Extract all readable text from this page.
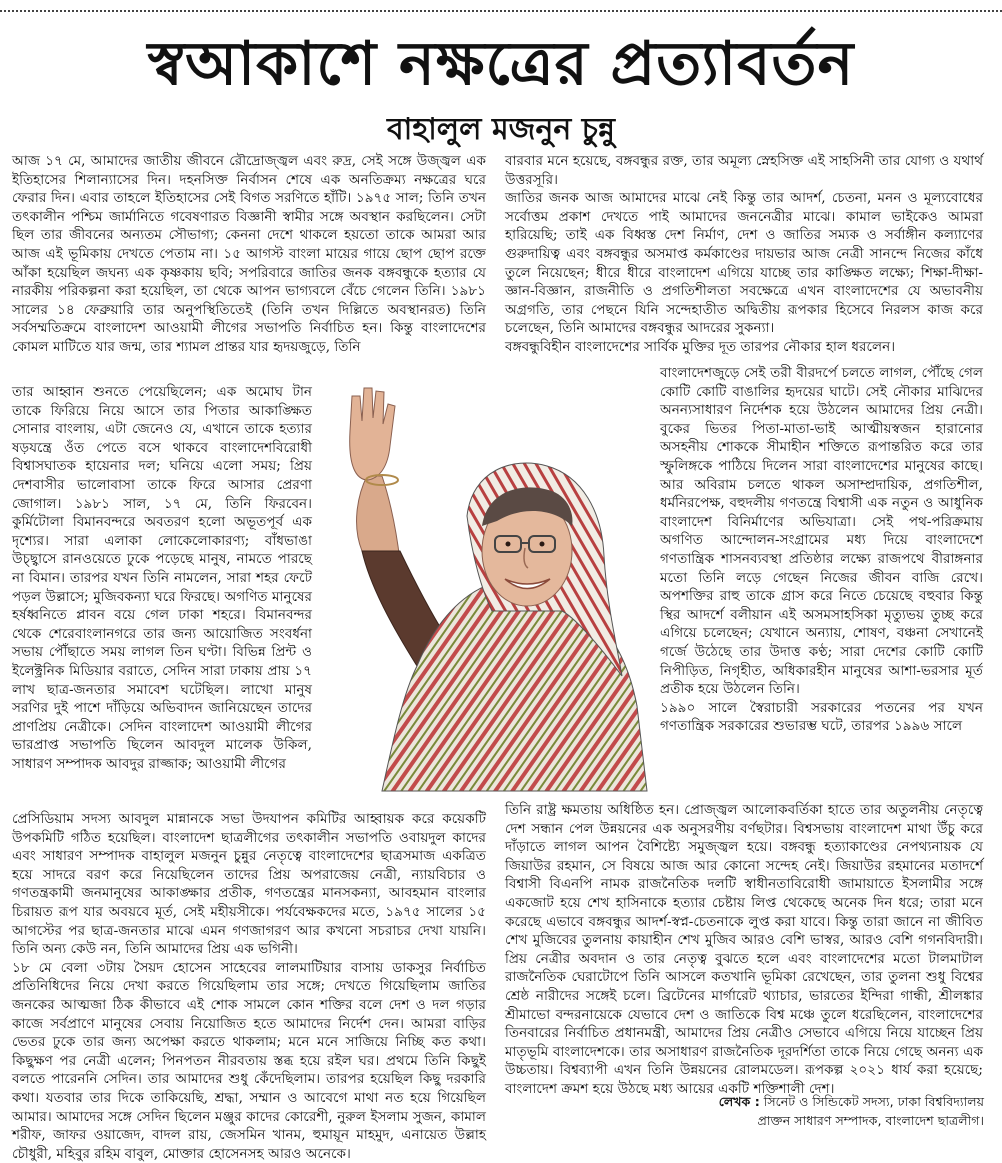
স্বআকাশে নক্ষত্রের প্রত্যাবর্তন
বাহালুল মজনুন চুন্নু

আজ ১৭ মে, আমাদের জাতীয় জীবনে রৌদ্রোজ্জ্বল এবং রুদ্র, সেই সঙ্গে উজ্জ্বল এক ইতিহাসের শিলান্যাসের দিন। দহনসিক্ত নির্বাসন শেষে এক অনতিক্রম্য নক্ষত্রের ঘরে ফেরার দিন। এবার তাহলে ইতিহাসের সেই বিগত সরণিতে হাঁটি। ১৯৭৫ সাল; তিনি তখন তৎকালীন পশ্চিম জার্মানিতে গবেষণারত বিজ্ঞানী স্বামীর সঙ্গে অবস্থান করছিলেন। সেটা ছিল তার জীবনের অন্যতম সৌভাগ্য; কেননা দেশে থাকলে হয়তো তাকে আমরা আর আজ এই ভূমিকায় দেখতে পেতাম না। ১৫ আগস্ট বাংলা মায়ের গায়ে ছোপ ছোপ রক্তে আঁকা হয়েছিল জঘন্য এক কৃষ্ণকায় ছবি; সপরিবারে জাতির জনক বঙ্গবন্ধুকে হত্যার যে নারকীয় পরিকল্পনা করা হয়েছিল, তা থেকে আপন ভাগ্যবলে বেঁচে গেলেন তিনি। ১৯৮১ সালের ১৪ ফেব্রুয়ারি তার অনুপস্থিতিতেই (তিনি তখন দিল্লিতে অবস্থানরত) তিনি সর্বসম্মতিক্রমে বাংলাদেশ আওয়ামী লীগের সভাপতি নির্বাচিত হন। কিন্তু বাংলাদেশের কোমল মাটিতে যার জন্ম, তার শ্যামল প্রান্তর যার হৃদয়জুড়ে, তিনি

তার আহ্বান শুনতে পেয়েছিলেন; এক অমোঘ টান তাকে ফিরিয়ে নিয়ে আসে তার পিতার আকাঙ্ক্ষিত সোনার বাংলায়, এটা জেনেও যে, এখানে তাকে হত্যার ষড়যন্ত্রে ওঁত পেতে বসে থাকবে বাংলাদেশবিরোধী বিশ্বাসঘাতক হায়েনার দল; ঘনিয়ে এলো সময়; প্রিয় দেশবাসীর ভালোবাসা তাকে ফিরে আসার প্রেরণা জোগাল। ১৯৮১ সাল, ১৭ মে, তিনি ফিরবেন। কুর্মিটোলা বিমানবন্দরে অবতরণ হলো অভূতপূর্ব এক দৃশ্যের। সারা এলাকা লোকেলোকারণ্য; বাঁধভাঙা উচ্ছ্বাসে রানওয়েতে ঢুকে পড়েছে মানুষ, নামতে পারছে না বিমান। তারপর যখন তিনি নামলেন, সারা শহর ফেটে পড়ল উল্লাসে; মুজিবকন্যা ঘরে ফিরছে। অগণিত মানুষের হর্ষধ্বনিতে প্লাবন বয়ে গেল ঢাকা শহরে। বিমানবন্দর থেকে শেরেবাংলানগরে তার জন্য আয়োজিত সংবর্ধনা সভায় পৌঁছাতে সময় লাগল তিন ঘণ্টা। বিভিন্ন প্রিন্ট ও ইলেক্ট্রনিক মিডিয়ার বরাতে, সেদিন সারা ঢাকায় প্রায় ১৭ লাখ ছাত্র-জনতার সমাবেশ ঘটেছিল। লাখো মানুষ সরণির দুই পাশে দাঁড়িয়ে অভিবাদন জানিয়েছেন তাদের প্রাণপ্রিয় নেত্রীকে। সেদিন বাংলাদেশ আওয়ামী লীগের ভারপ্রাপ্ত সভাপতি ছিলেন আবদুল মালেক উকিল, সাধারণ সম্পাদক আবদুর রাজ্জাক; আওয়ামী লীগের

প্রেসিডিয়াম সদস্য আবদুল মান্নানকে সভা উদযাপন কমিটির আহ্বায়ক করে কয়েকটি উপকমিটি গঠিত হয়েছিল। বাংলাদেশ ছাত্রলীগের তৎকালীন সভাপতি ওবায়দুল কাদের এবং সাধারণ সম্পাদক বাহালুল মজনুন চুন্নুর নেতৃত্বে বাংলাদেশের ছাত্রসমাজ একত্রিত হয়ে সাদরে বরণ করে নিয়েছিলেন তাদের প্রিয় অপরাজেয় নেত্রী, ন্যায়বিচার ও গণতন্ত্রকামী জনমানুষের আকাঙ্ক্ষার প্রতীক, গণতন্ত্রের মানসকন্যা, আবহমান বাংলার চিরায়ত রূপ যার অবয়বে মূর্ত, সেই মহীয়সীকে। পর্যবেক্ষকদের মতে, ১৯৭৫ সালের ১৫ আগস্টের পর ছাত্র-জনতার মাঝে এমন গণজাগরণ আর কখনো সচরাচর দেখা যায়নি। তিনি অন্য কেউ নন, তিনি আমাদের প্রিয় এক ভগিনী।

১৮ মে বেলা ৩টায় সৈয়দ হোসেন সাহেবের লালমাটিয়ার বাসায় ডাকসুর নির্বাচিত প্রতিনিধিদের নিয়ে দেখা করতে গিয়েছিলাম তার সঙ্গে; দেখতে গিয়েছিলাম জাতির জনকের আত্মজা ঠিক কীভাবে এই শোক সামলে কোন শক্তির বলে দেশ ও দল গড়ার কাজে সর্বপ্রাণে মানুষের সেবায় নিয়োজিত হতে আমাদের নির্দেশ দেন। আমরা বাড়ির ভেতর ঢুকে তার জন্য অপেক্ষা করতে থাকলাম; মনে মনে সাজিয়ে নিচ্ছি কত কথা। কিছুক্ষণ পর নেত্রী এলেন; পিনপতন নীরবতায় স্তব্ধ হয়ে রইল ঘর। প্রথমে তিনি কিছুই বলতে পারেননি সেদিন। তার আমাদের শুধু কেঁদেছিলাম। তারপর হয়েছিল কিছু দরকারি কথা। যতবার তার দিকে তাকিয়েছি, শ্রদ্ধা, সম্মান ও আবেগে মাথা নত হয়ে গিয়েছিল আমার। আমাদের সঙ্গে সেদিন ছিলেন মঞ্জুর কাদের কোরেশী, নুরুল ইসলাম সুজন, কামাল শরীফ, জাফর ওয়াজেদ, বাদল রায়, জেসমিন খানম, হুমায়ূন মাহমুদ, এনায়েত উল্লাহ চৌধুরী, মহিবুর রহিম বাবুল, মোক্তার হোসেনসহ আরও অনেকে।

বারবার মনে হয়েছে, বঙ্গবন্ধুর রক্ত, তার অমূল্য স্নেহসিক্ত এই সাহসিনী তার যোগ্য ও যথার্থ উত্তরসূরি।

জাতির জনক আজ আমাদের মাঝে নেই কিন্তু তার আদর্শ, চেতনা, মনন ও মূল্যবোধের সর্বোত্তম প্রকাশ দেখতে পাই আমাদের জননেত্রীর মাঝে। কামাল ভাইকেও আমরা হারিয়েছি; তাই এক বিধ্বস্ত দেশ নির্মাণ, দেশ ও জাতির সম্যক ও সর্বাঙ্গীন কল্যাণের গুরুদায়িত্ব এবং বঙ্গবন্ধুর অসমাপ্ত কর্মকাণ্ডের দায়ভার আজ নেত্রী সানন্দে নিজের কাঁধে তুলে নিয়েছেন; ধীরে ধীরে বাংলাদেশ এগিয়ে যাচ্ছে তার কাঙ্ক্ষিত লক্ষ্যে; শিক্ষা-দীক্ষা-জ্ঞান-বিজ্ঞান, রাজনীতি ও প্রগতিশীলতা সবক্ষেত্রে এখন বাংলাদেশের যে অভাবনীয় অগ্রগতি, তার পেছনে যিনি সন্দেহাতীত অদ্বিতীয় রূপকার হিসেবে নিরলস কাজ করে চলেছেন, তিনি আমাদের বঙ্গবন্ধুর আদরের সুকন্যা।

বঙ্গবন্ধুবিহীন বাংলাদেশের সার্বিক মুক্তির দূত তারপর নৌকার হাল ধরলেন।

বাংলাদেশজুড়ে সেই তরী বীরদর্পে চলতে লাগল, পৌঁছে গেল কোটি কোটি বাঙালির হৃদয়ের ঘাটে। সেই নৌকার মাঝিদের অনন্যসাধারণ নির্দেশক হয়ে উঠলেন আমাদের প্রিয় নেত্রী। বুকের ভিতর পিতা-মাতা-ভাই আত্মীয়স্বজন হারানোর অসহনীয় শোককে সীমাহীন শক্তিতে রূপান্তরিত করে তার স্ফুলিঙ্গকে পাঠিয়ে দিলেন সারা বাংলাদেশের মানুষের কাছে। আর অবিরাম চলতে থাকল অসাম্প্রদায়িক, প্রগতিশীল, ধর্মনিরপেক্ষ, বহুদলীয় গণতন্ত্রে বিশ্বাসী এক নতুন ও আধুনিক বাংলাদেশ বিনির্মাণের অভিযাত্রা। সেই পথ-পরিক্রমায় অগণিত আন্দোলন-সংগ্রামের মধ্য দিয়ে বাংলাদেশে গণতান্ত্রিক শাসনব্যবস্থা প্রতিষ্ঠার লক্ষ্যে রাজপথে বীরাঙ্গনার মতো তিনি লড়ে গেছেন নিজের জীবন বাজি রেখে। অপশক্তির রাহু তাকে গ্রাস করে নিতে চেয়েছে বহুবার কিন্তু স্থির আদর্শে বলীয়ান এই অসমসাহসিকা মৃত্যুভয় তুচ্ছ করে এগিয়ে চলেছেন; যেখানে অন্যায়, শোষণ, বঞ্চনা সেখানেই গর্জে উঠেছে তার উদাত্ত কণ্ঠ; সারা দেশের কোটি কোটি নিপীড়িত, নিগৃহীত, অধিকারহীন মানুষের আশা-ভরসার মূর্ত প্রতীক হয়ে উঠলেন তিনি।

১৯৯০ সালে স্বৈরাচারী সরকারের পতনের পর যখন গণতান্ত্রিক সরকারের শুভারম্ভ ঘটে, তারপর ১৯৯৬ সালে

তিনি রাষ্ট্র ক্ষমতায় অধিষ্ঠিত হন। প্রোজ্জ্বল আলোকবর্তিকা হাতে তার অতুলনীয় নেতৃত্বে দেশ সন্ধান পেল উন্নয়নের এক অনুসরণীয় বর্ণছটার। বিশ্বসভায় বাংলাদেশ মাথা উঁচু করে দাঁড়াতে লাগল আপন বৈশিষ্ট্যে সমুজ্জ্বল হয়ে। বঙ্গবন্ধু হত্যাকাণ্ডের নেপথ্যনায়ক যে জিয়াউর রহমান, সে বিষয়ে আজ আর কোনো সন্দেহ নেই। জিয়াউর রহমানের মতাদর্শে বিশ্বাসী বিএনপি নামক রাজনৈতিক দলটি স্বাধীনতাবিরোধী জামায়াতে ইসলামীর সঙ্গে একজোট হয়ে শেখ হাসিনাকে হত্যার চেষ্টায় লিপ্ত থেকেছে অনেক দিন ধরে; তারা মনে করেছে এভাবে বঙ্গবন্ধুর আদর্শ-স্বপ্ন-চেতনাকে লুপ্ত করা যাবে। কিন্তু তারা জানে না জীবিত শেখ মুজিবের তুলনায় কায়াহীন শেখ মুজিব আরও বেশি ভাস্বর, আরও বেশি গগনবিদারী। প্রিয় নেত্রীর অবদান ও তার নেতৃত্ব বুঝতে হলে এবং বাংলাদেশের মতো টালমাটাল রাজনৈতিক ঘেরাটোপে তিনি আসলে কতখানি ভূমিকা রেখেছেন, তার তুলনা শুধু বিশ্বের শ্রেষ্ঠ নারীদের সঙ্গেই চলে। ব্রিটেনের মার্গারেট থ্যাচার, ভারতের ইন্দিরা গান্ধী, শ্রীলঙ্কার শ্রীমাভো বন্দরনায়েকে যেভাবে দেশ ও জাতিকে বিশ্ব মঞ্চে তুলে ধরেছিলেন, বাংলাদেশের তিনবারের নির্বাচিত প্রধানমন্ত্রী, আমাদের প্রিয় নেত্রীও সেভাবে এগিয়ে নিয়ে যাচ্ছেন প্রিয় মাতৃভূমি বাংলাদেশকে। তার অসাধারণ রাজনৈতিক দূরদর্শিতা তাকে নিয়ে গেছে অনন্য এক উচ্চতায়। বিশ্বব্যাপী এখন তিনি উন্নয়নের রোলমডেল। রূপকল্প ২০২১ ধার্য করা হয়েছে; বাংলাদেশ ক্রমশ হয়ে উঠছে মধ্য আয়ের একটি শক্তিশালী দেশ।

লেখক : সিনেট ও সিন্ডিকেট সদস্য, ঢাকা বিশ্ববিদ্যালয়
প্রাক্তন সাধারণ সম্পাদক, বাংলাদেশ ছাত্রলীগ।
